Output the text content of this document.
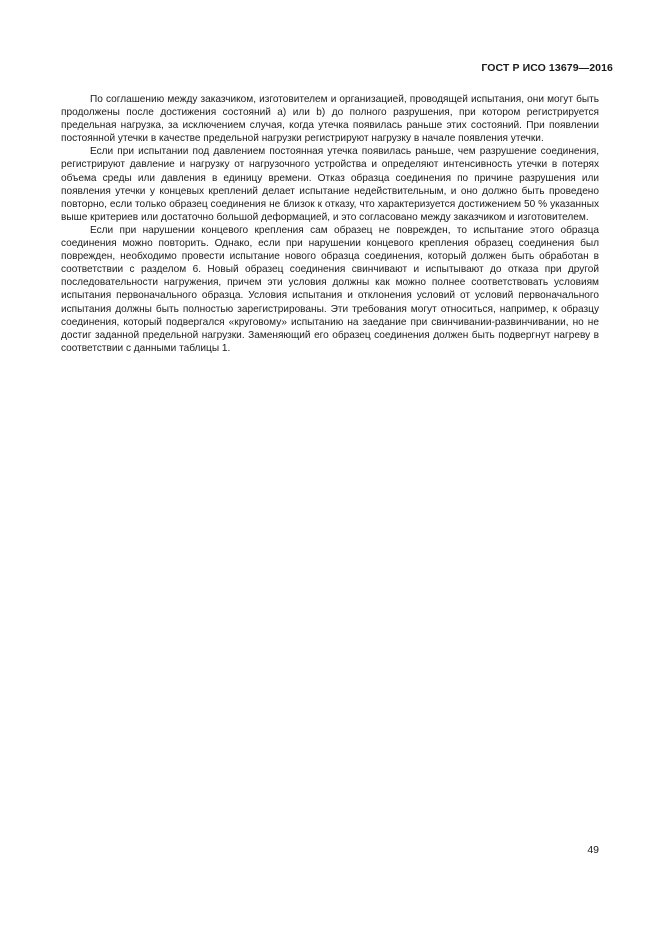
ГОСТ Р ИСО 13679—2016

По соглашению между заказчиком, изготовителем и организацией, проводящей испытания, они могут быть продолжены после достижения состояний а) или b) до полного разрушения, при котором регистрируется предельная нагрузка, за исключением случая, когда утечка появилась раньше этих состояний. При появлении постоянной утечки в качестве предельной нагрузки регистрируют нагрузку в начале появления утечки.

Если при испытании под давлением постоянная утечка появилась раньше, чем разрушение соединения, регистрируют давление и нагрузку от нагрузочного устройства и определяют интенсивность утечки в потерях объема среды или давления в единицу времени. Отказ образца соединения по причине разрушения или появления утечки у концевых креплений делает испытание недействительным, и оно должно быть проведено повторно, если только образец соединения не близок к отказу, что характеризуется достижением 50 % указанных выше критериев или достаточно большой деформацией, и это согласовано между заказчиком и изготовителем.

Если при нарушении концевого крепления сам образец не поврежден, то испытание этого образца соединения можно повторить. Однако, если при нарушении концевого крепления образец соединения был поврежден, необходимо провести испытание нового образца соединения, который должен быть обработан в соответствии с разделом 6. Новый образец соединения свинчивают и испытывают до отказа при другой последовательности нагружения, причем эти условия должны как можно полнее соответствовать условиям испытания первоначального образца. Условия испытания и отклонения условий от условий первоначального испытания должны быть полностью зарегистрированы. Эти требования могут относиться, например, к образцу соединения, который подвергался «круговому» испытанию на заедание при свинчивании-развинчивании, но не достиг заданной предельной нагрузки. Заменяющий его образец соединения должен быть подвергнут нагреву в соответствии с данными таблицы 1.

49
